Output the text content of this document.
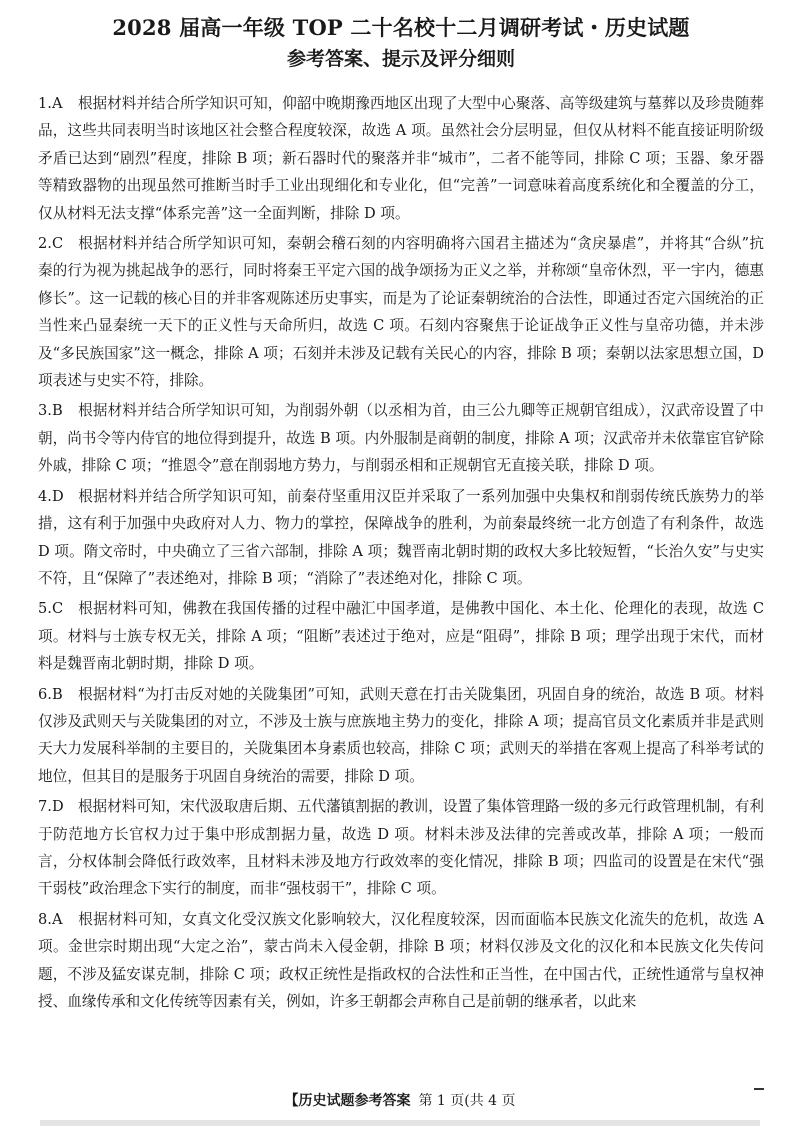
2028 届高一年级 TOP 二十名校十二月调研考试・历史试题
参考答案、提示及评分细则
1.A 根据材料并结合所学知识可知，仰韶中晚期豫西地区出现了大型中心聚落、高等级建筑与墓葬以及珍贵随葬品，这些共同表明当时该地区社会整合程度较深，故选 A 项。虽然社会分层明显，但仅从材料不能直接证明阶级矛盾已达到“剧烈”程度，排除 B 项；新石器时代的聚落并非“城市”，二者不能等同，排除 C 项；玉器、象牙器等精致器物的出现虽然可推断当时手工业出现细化和专业化，但“完善”一词意味着高度系统化和全覆盖的分工，仅从材料无法支撑“体系完善”这一全面判断，排除 D 项。
2.C 根据材料并结合所学知识可知，秦朝会稽石刻的内容明确将六国君主描述为“贪戾暴虐”，并将其“合纵”抗秦的行为视为挑起战争的恶行，同时将秦王平定六国的战争颂扬为正义之举，并称颂“皇帝休烈，平一宇内，德惠修长”。这一记载的核心目的并非客观陈述历史事实，而是为了论证秦朝统治的合法性，即通过否定六国统治的正当性来凸显秦统一天下的正义性与天命所归，故选 C 项。石刻内容聚焦于论证战争正义性与皇帝功德，并未涉及“多民族国家”这一概念，排除 A 项；石刻并未涉及记载有关民心的内容，排除 B 项；秦朝以法家思想立国，D 项表述与史实不符，排除。
3.B 根据材料并结合所学知识可知，为削弱外朝（以丞相为首，由三公九卿等正规朝官组成），汉武帝设置了中朝，尚书令等内侍官的地位得到提升，故选 B 项。内外服制是商朝的制度，排除 A 项；汉武帝并未依靠宦官铲除外戚，排除 C 项；“推恩令”意在削弱地方势力，与削弱丞相和正规朝官无直接关联，排除 D 项。
4.D 根据材料并结合所学知识可知，前秦苻坚重用汉臣并采取了一系列加强中央集权和削弱传统氏族势力的举措，这有利于加强中央政府对人力、物力的掌控，保障战争的胜利，为前秦最终统一北方创造了有利条件，故选 D 项。隋文帝时，中央确立了三省六部制，排除 A 项；魏晋南北朝时期的政权大多比较短暂，“长治久安”与史实不符，且“保障了”表述绝对，排除 B 项；“消除了”表述绝对化，排除 C 项。
5.C 根据材料可知，佛教在我国传播的过程中融汇中国孝道，是佛教中国化、本土化、伦理化的表现，故选 C 项。材料与士族专权无关，排除 A 项；“阻断”表述过于绝对，应是“阻碍”，排除 B 项；理学出现于宋代，而材料是魏晋南北朝时期，排除 D 项。
6.B 根据材料“为打击反对她的关陇集团”可知，武则天意在打击关陇集团，巩固自身的统治，故选 B 项。材料仅涉及武则天与关陇集团的对立，不涉及士族与庶族地主势力的变化，排除 A 项；提高官员文化素质并非是武则天大力发展科举制的主要目的，关陇集团本身素质也较高，排除 C 项；武则天的举措在客观上提高了科举考试的地位，但其目的是服务于巩固自身统治的需要，排除 D 项。
7.D 根据材料可知，宋代汲取唐后期、五代藩镇割据的教训，设置了集体管理路一级的多元行政管理机制，有利于防范地方长官权力过于集中形成割据力量，故选 D 项。材料未涉及法律的完善或改革，排除 A 项；一般而言，分权体制会降低行政效率，且材料未涉及地方行政效率的变化情况，排除 B 项；四监司的设置是在宋代“强干弱枝”政治理念下实行的制度，而非“强枝弱干”，排除 C 项。
8.A 根据材料可知，女真文化受汉族文化影响较大，汉化程度较深，因而面临本民族文化流失的危机，故选 A 项。金世宗时期出现“大定之治”，蒙古尚未入侵金朝，排除 B 项；材料仅涉及文化的汉化和本民族文化失传问题，不涉及猛安谋克制，排除 C 项；政权正统性是指政权的合法性和正当性，在中国古代，正统性通常与皇权神授、血缘传承和文化传统等因素有关，例如，许多王朝都会声称自己是前朝的继承者，以此来
【历史试题参考答案 第 1 页(共 4 页
